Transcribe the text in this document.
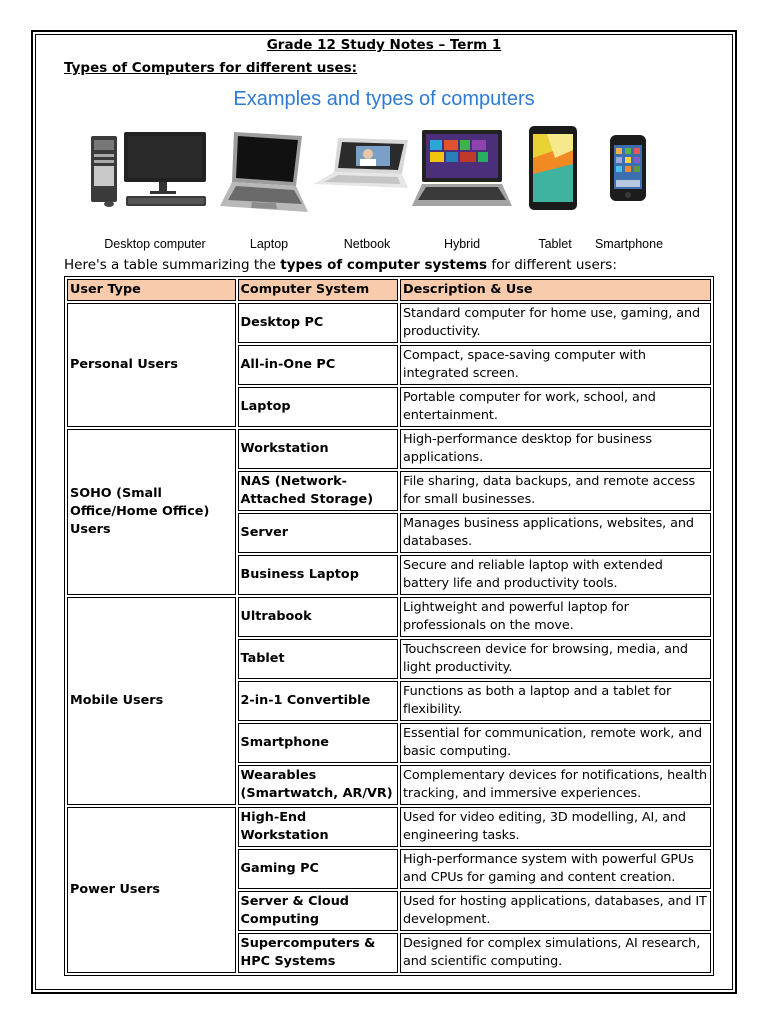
Grade 12 Study Notes – Term 1
Types of Computers for different uses:
Examples and types of computers
Desktop computer	Laptop	Netbook	Hybrid	Tablet Smartphone
Here's a table summarizing the types of computer systems for different users:
User Type	Computer System	Description & Use
Personal Users	Desktop PC	Standard computer for home use, gaming, and productivity.
	All-in-One PC	Compact, space-saving computer with integrated screen.
	Laptop	Portable computer for work, school, and entertainment.
SOHO (Small Office/Home Office) Users	Workstation	High-performance desktop for business applications.
	NAS (Network-Attached Storage)	File sharing, data backups, and remote access for small businesses.
	Server	Manages business applications, websites, and databases.
	Business Laptop	Secure and reliable laptop with extended battery life and productivity tools.
Mobile Users	Ultrabook	Lightweight and powerful laptop for professionals on the move.
	Tablet	Touchscreen device for browsing, media, and light productivity.
	2-in-1 Convertible	Functions as both a laptop and a tablet for flexibility.
	Smartphone	Essential for communication, remote work, and basic computing.
	Wearables (Smartwatch, AR/VR)	Complementary devices for notifications, health tracking, and immersive experiences.
Power Users	High-End Workstation	Used for video editing, 3D modelling, AI, and engineering tasks.
	Gaming PC	High-performance system with powerful GPUs and CPUs for gaming and content creation.
	Server & Cloud Computing	Used for hosting applications, databases, and IT development.
	Supercomputers & HPC Systems	Designed for complex simulations, AI research, and scientific computing.
